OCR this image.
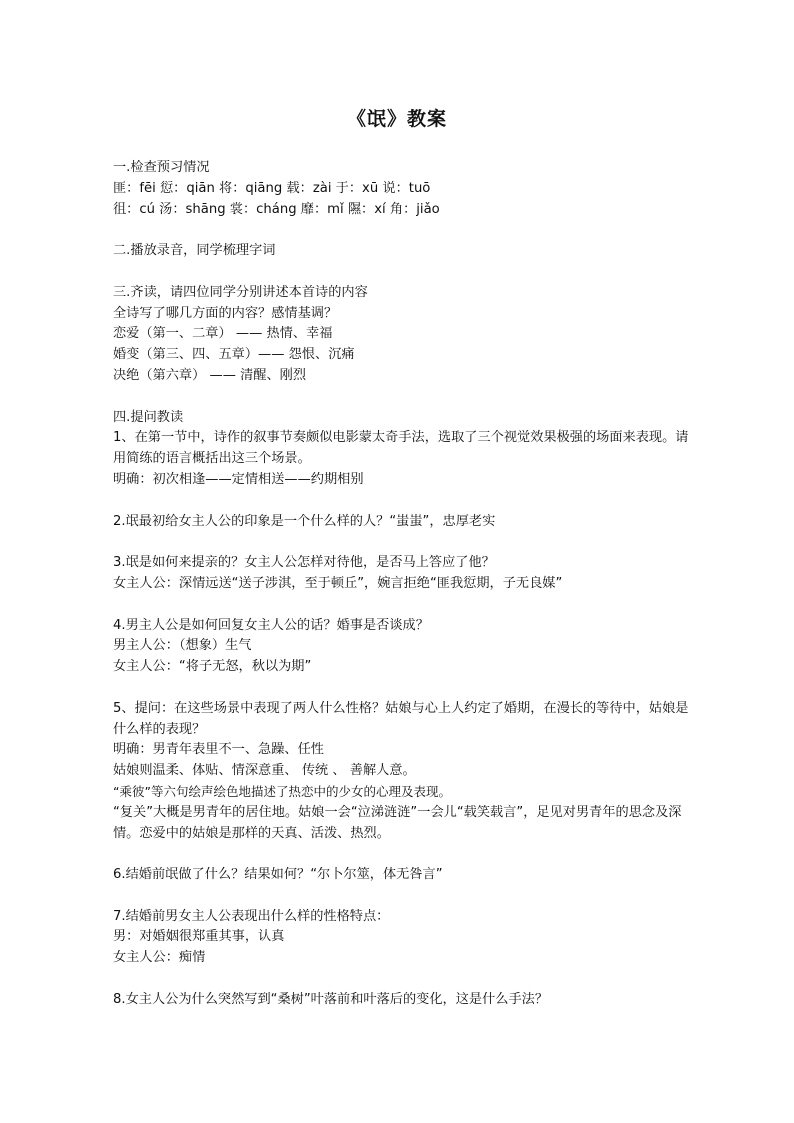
《氓》教案
一.检查预习情况
匪：fēi 愆：qiān 将：qiāng 载：zài 于：xū 说：tuō
徂：cú 汤：shāng 裳：cháng 靡：mǐ 隰：xí 角：jiǎo
二.播放录音，同学梳理字词
三.齐读，请四位同学分别讲述本首诗的内容
全诗写了哪几方面的内容？感情基调？
恋爱（第一、二章） —— 热情、幸福
婚变（第三、四、五章）—— 怨恨、沉痛
决绝（第六章） —— 清醒、刚烈
四.提问教读
1、在第一节中，诗作的叙事节奏颇似电影蒙太奇手法，选取了三个视觉效果极强的场面来表现。请用简练的语言概括出这三个场景。
明确：初次相逢——定情相送——约期相别
2.氓最初给女主人公的印象是一个什么样的人？“蚩蚩”，忠厚老实
3.氓是如何来提亲的？女主人公怎样对待他，是否马上答应了他？
女主人公：深情远送“送子涉淇，至于顿丘”，婉言拒绝“匪我愆期，子无良媒”
4.男主人公是如何回复女主人公的话？婚事是否谈成？
男主人公：（想象）生气
女主人公：“将子无怒，秋以为期”
5、提问：在这些场景中表现了两人什么性格？姑娘与心上人约定了婚期，在漫长的等待中，姑娘是什么样的表现？
明确：男青年表里不一、急躁、任性
姑娘则温柔、体贴、情深意重、 传统 、 善解人意。
“乘彼”等六句绘声绘色地描述了热恋中的少女的心理及表现。
“复关”大概是男青年的居住地。姑娘一会“泣涕涟涟”一会儿“载笑载言”，足见对男青年的思念及深情。恋爱中的姑娘是那样的天真、活泼、热烈。
6.结婚前氓做了什么？结果如何？“尔卜尔筮，体无咎言”
7.结婚前男女主人公表现出什么样的性格特点：
男：对婚姻很郑重其事，认真
女主人公：痴情
8.女主人公为什么突然写到“桑树”叶落前和叶落后的变化，这是什么手法？
